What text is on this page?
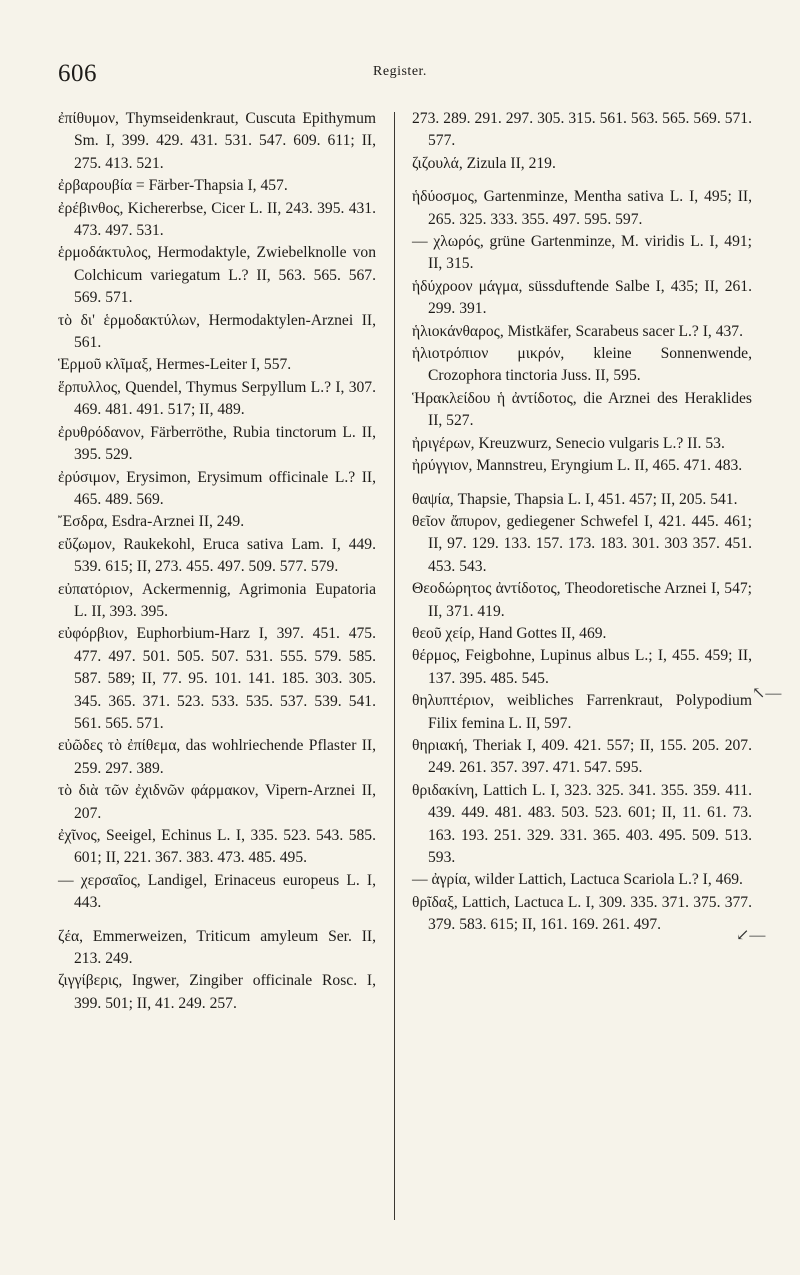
606	Register.
ἐπίθυμον, Thymseidenkraut, Cuscuta Epithymum Sm. I, 399. 429. 431. 531. 547. 609. 611; II, 275. 413. 521.
ἐρβαρουβία = Färber-Thapsia I, 457.
ἐρέβινθος, Kichererbse, Cicer L. II, 243. 395. 431. 473. 497. 531.
ἑρμοδάκτυλος, Hermodaktyle, Zwiebelknolle von Colchicum variegatum L.? II, 563. 565. 567. 569. 571.
τὸ δι' ἑρμοδακτύλων, Hermodaktylen-Arznei II, 561.
Ἑρμοῦ κλῖμαξ, Hermes-Leiter I, 557.
ἕρπυλλος, Quendel, Thymus Serpyllum L.? I, 307. 469. 481. 491. 517; II, 489.
ἐρυθρόδανον, Färberröthe, Rubia tinctorum L. II, 395. 529.
ἐρύσιμον, Erysimon, Erysimum officinale L.? II, 465. 489. 569.
Ἔσδρα, Esdra-Arznei II, 249.
εὔζωμον, Raukekohl, Eruca sativa Lam. I, 449. 539. 615; II, 273. 455. 497. 509. 577. 579.
εὐπατόριον, Ackermennig, Agrimonia Eupatoria L. II, 393. 395.
εὐφόρβιον, Euphorbium-Harz I, 397. 451. 475. 477. 497. 501. 505. 507. 531. 555. 579. 585. 587. 589; II, 77. 95. 101. 141. 185. 303. 305. 345. 365. 371. 523. 533. 535. 537. 539. 541. 561. 565. 571.
εὐῶδες τὸ ἐπίθεμα, das wohlriechende Pflaster II, 259. 297. 389.
τὸ διὰ τῶν ἐχιδνῶν φάρμακον, Vipern-Arznei II, 207.
ἐχῖνος, Seeigel, Echinus L. I, 335. 523. 543. 585. 601; II, 221. 367. 383. 473. 485. 495.
— χερσαῖος, Landigel, Erinaceus europeus L. I, 443.
ζέα, Emmerweizen, Triticum amyleum Ser. II, 213. 249.
ζιγγίβερις, Ingwer, Zingiber officinale Rosc. I, 399. 501; II, 41. 249. 257.
273. 289. 291. 297. 305. 315. 561. 563. 565. 569. 571. 577.
ζιζουλά, Zizula II, 219.
ἡδύοσμος, Gartenminze, Mentha sativa L. I, 495; II, 265. 325. 333. 355. 497. 595. 597.
— χλωρός, grüne Gartenminze, M. viridis L. I, 491; II, 315.
ἡδύχροον μάγμα, süssduftende Salbe I, 435; II, 261. 299. 391.
ἡλιοκάνθαρος, Mistkäfer, Scarabeus sacer L.? I, 437.
ἡλιοτρόπιον μικρόν, kleine Sonnenwende, Crozophora tinctoria Juss. II, 595.
Ἡρακλείδου ἡ ἀντίδοτος, die Arznei des Heraklides II, 527.
ἠριγέρων, Kreuzwurz, Senecio vulgaris L.? II. 53.
ἠρύγγιον, Mannstreu, Eryngium L. II, 465. 471. 483.
θαψία, Thapsie, Thapsia L. I, 451. 457; II, 205. 541.
θεῖον ἄπυρον, gediegener Schwefel I, 421. 445. 461; II, 97. 129. 133. 157. 173. 183. 301. 303 357. 451. 453. 543.
Θεοδώρητος ἀντίδοτος, Theodoretische Arznei I, 547; II, 371. 419.
θεοῦ χείρ, Hand Gottes II, 469.
θέρμος, Feigbohne, Lupinus albus L.; I, 455. 459; II, 137. 395. 485. 545.
θηλυπτέριον, weibliches Farrenkraut, Polypodium Filix femina L. II, 597.
θηριακή, Theriak I, 409. 421. 557; II, 155. 205. 207. 249. 261. 357. 397. 471. 547. 595.
θριδακίνη, Lattich L. I, 323. 325. 341. 355. 359. 411. 439. 449. 481. 483. 503. 523. 601; II, 11. 61. 73. 163. 193. 251. 329. 331. 365. 403. 495. 509. 513. 593.
— ἀγρία, wilder Lattich, Lactuca Scariola L.? I, 469.
θρῖδαξ, Lattich, Lactuca L. I, 309. 335. 371. 375. 377. 379. 583. 615; II, 161. 169. 261. 497.
↖—
↙—
